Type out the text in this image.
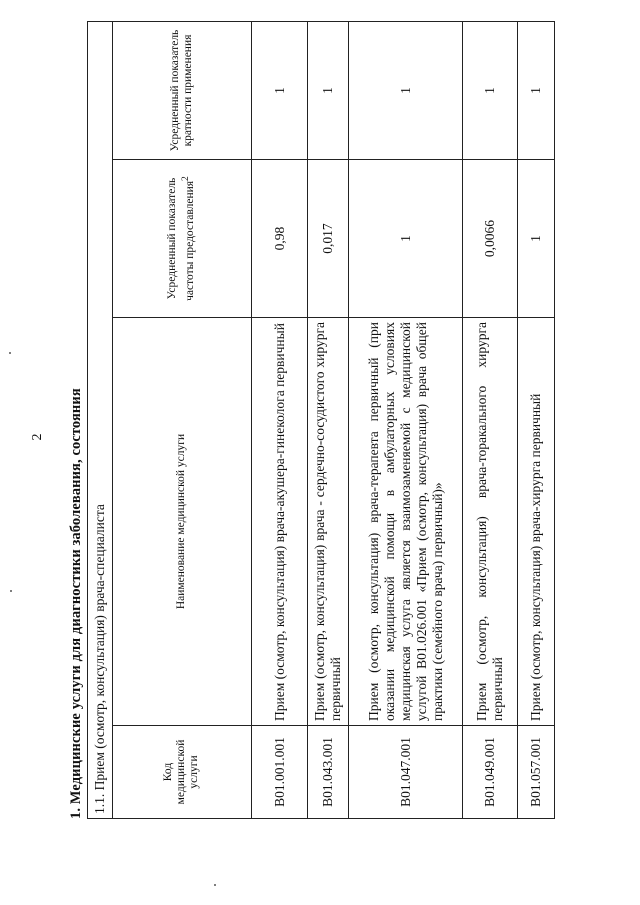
2 1. Медицинские услуги для диагностики заболевания, состояния 1.1. Прием (осмотр, консультация) врача-специалиста			
Код медицинской услуги	Наименование медицинской услуги	Усредненный показатель частоты предоставления$^2$	Усредненный показатель кратности применения
B01.001.001	Прием (осмотр, консультация) врача-акушера-гинеколога первичный	0,98	1
B01.043.001	Прием (осмотр, консультация) врача - сердечно-сосудистого хирурга первичный	0,017	1
B01.047.001	Прием (осмотр, консультация) врача-терапевта первичный (при оказании медицинской помощи в амбулаторных условиях медицинская услуга является взаимозаменяемой с медицинской услугой B01.026.001 «Прием (осмотр, консультация) врача общей практики (семейного врача) первичный)»	1	1
B01.049.001	Прием (осмотр, консультация) врача-торакального хирурга первичный	0,0066	1
B01.057.001	Прием (осмотр, консультация) врача-хирурга первичный	1	1
